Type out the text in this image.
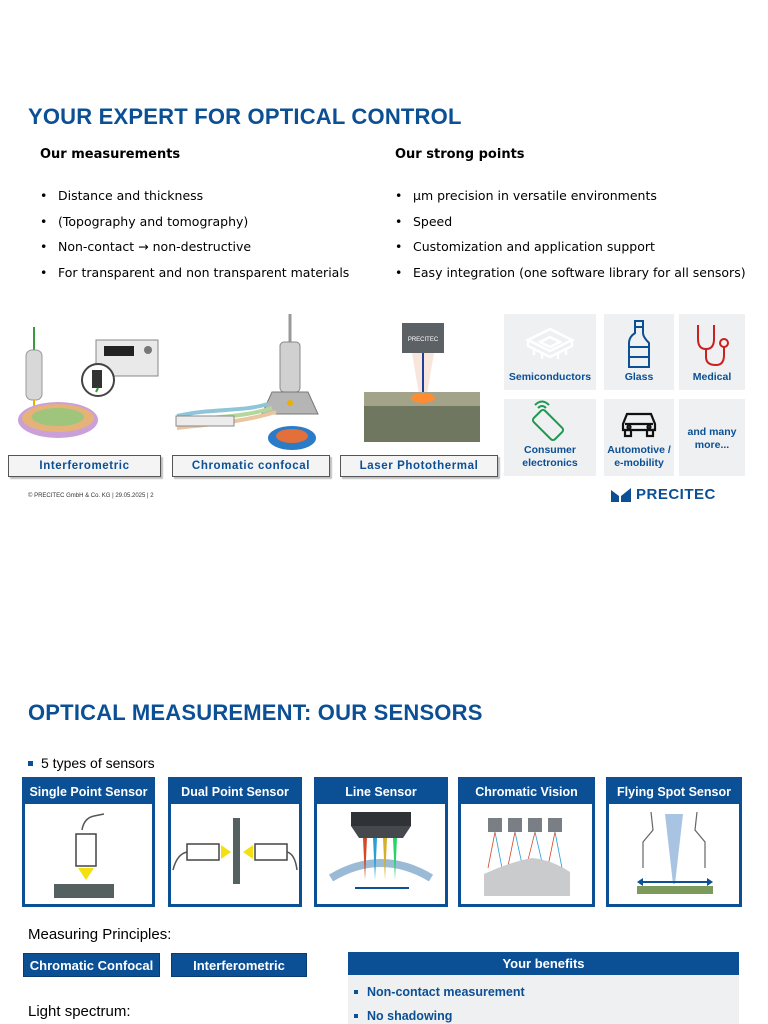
YOUR EXPERT FOR OPTICAL CONTROL
Our measurements
• Distance and thickness
• (Topography and tomography)
• Non-contact → non-destructive
• For transparent and non transparent materials
Our strong points
• µm precision in versatile environments
• Speed
• Customization and application support
• Easy integration (one software library for all sensors)
Interferometric	Chromatic confocal
PRECITEC
Laser Photothermal
Semiconductors	Glass	Medical
Consumer electronics
Automotive / e-mobility
and many more...
© PRECITEC GmbH & Co. KG | 29.05.2025 | 2	PRECITEC
OPTICAL MEASUREMENT: OUR SENSORS
5 types of sensors
Single Point Sensor	Dual Point Sensor	Line Sensor	Chromatic Vision	Flying Spot Sensor
Measuring Principles:
Chromatic Confocal	Interferometric	Your benefits
Non-contact measurement
No shadowing
Light spectrum:
